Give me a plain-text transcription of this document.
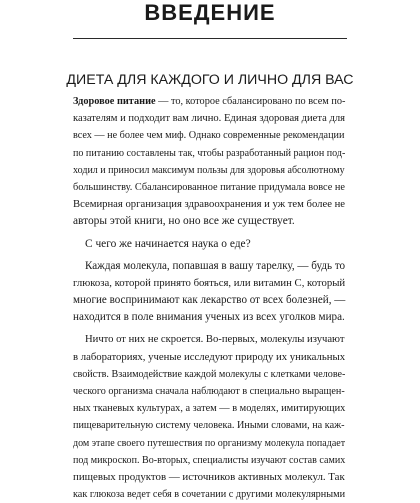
ВВЕДЕНИЕ
ДИЕТА ДЛЯ КАЖДОГО И ЛИЧНО ДЛЯ ВАС
Здоровое питание — то, которое сбалансировано по всем по-
казателям и подходит вам лично. Единая здоровая диета для
всех — не более чем миф. Однако современные рекомендации
по питанию составлены так, чтобы разработанный рацион под-
ходил и приносил максимум пользы для здоровья абсолютному
большинству. Сбалансированное питание придумала вовсе не
Всемирная организация здравоохранения и уж тем более не
авторы этой книги, но оно все же существует.
С чего же начинается наука о еде?
Каждая молекула, попавшая в вашу тарелку, — будь то
глюкоза, которой принято бояться, или витамин С, который
многие воспринимают как лекарство от всех болезней, —
находится в поле внимания ученых из всех уголков мира.
Ничто от них не скроется. Во-первых, молекулы изучают
в лабораториях, ученые исследуют природу их уникальных
свойств. Взаимодействие каждой молекулы с клетками челове-
ческого организма сначала наблюдают в специально выращен-
ных тканевых культурах, а затем — в моделях, имитирующих
пищеварительную систему человека. Иными словами, на каж-
дом этапе своего путешествия по организму молекула попадает
под микроскоп. Во-вторых, специалисты изучают состав самих
пищевых продуктов — источников активных молекул. Так
как глюкоза ведет себя в сочетании с другими молекулярными
